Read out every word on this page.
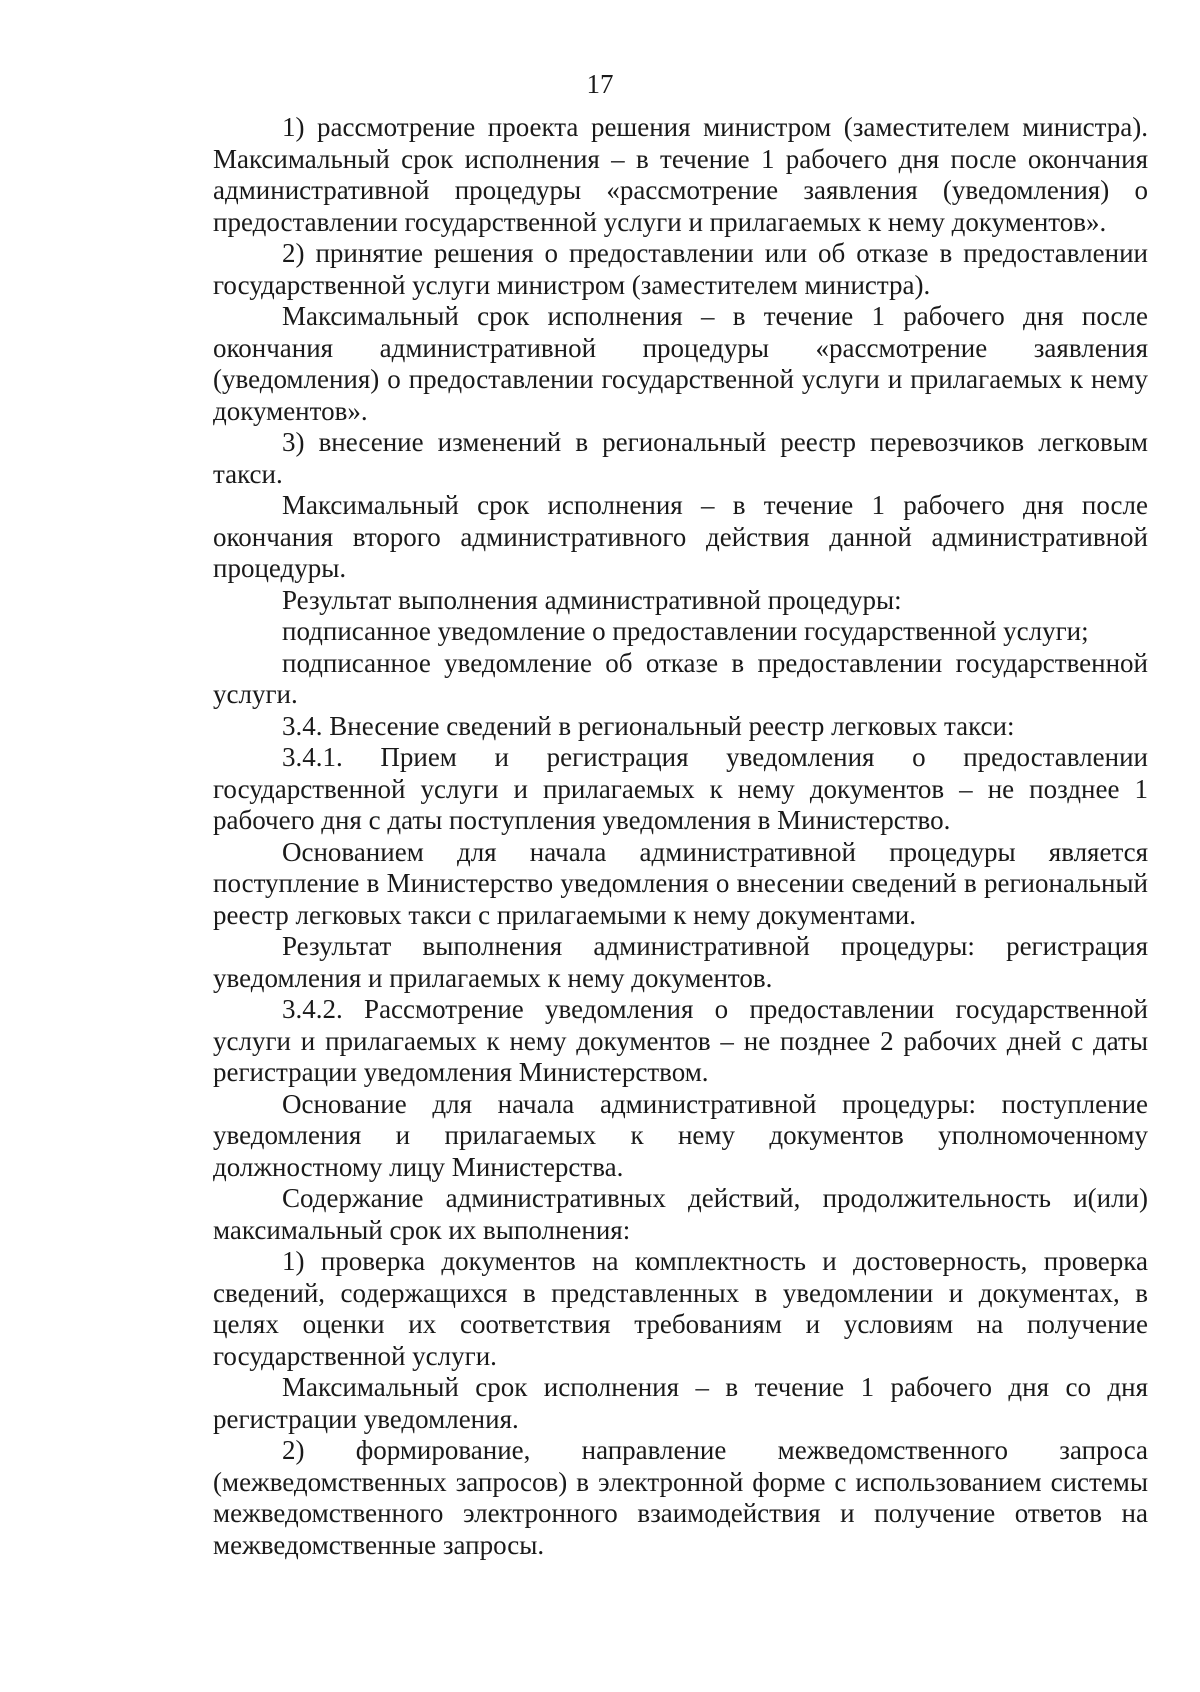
17

1) рассмотрение проекта решения министром (заместителем министра). Максимальный срок исполнения – в течение 1 рабочего дня после окончания административной процедуры «рассмотрение заявления (уведомления) о предоставлении государственной услуги и прилагаемых к нему документов».

2) принятие решения о предоставлении или об отказе в предоставлении государственной услуги министром (заместителем министра).

Максимальный срок исполнения – в течение 1 рабочего дня после окончания административной процедуры «рассмотрение заявления (уведомления) о предоставлении государственной услуги и прилагаемых к нему документов».

3) внесение изменений в региональный реестр перевозчиков легковым такси.

Максимальный срок исполнения – в течение 1 рабочего дня после окончания второго административного действия данной административной процедуры.

Результат выполнения административной процедуры:

подписанное уведомление о предоставлении государственной услуги;

подписанное уведомление об отказе в предоставлении государственной услуги.

3.4. Внесение сведений в региональный реестр легковых такси:

3.4.1. Прием и регистрация уведомления о предоставлении государственной услуги и прилагаемых к нему документов – не позднее 1 рабочего дня с даты поступления уведомления в Министерство.

Основанием для начала административной процедуры является поступление в Министерство уведомления о внесении сведений в региональный реестр легковых такси с прилагаемыми к нему документами.

Результат выполнения административной процедуры: регистрация уведомления и прилагаемых к нему документов.

3.4.2. Рассмотрение уведомления о предоставлении государственной услуги и прилагаемых к нему документов – не позднее 2 рабочих дней с даты регистрации уведомления Министерством.

Основание для начала административной процедуры: поступление уведомления и прилагаемых к нему документов уполномоченному должностному лицу Министерства.

Содержание административных действий, продолжительность и(или) максимальный срок их выполнения:

1) проверка документов на комплектность и достоверность, проверка сведений, содержащихся в представленных в уведомлении и документах, в целях оценки их соответствия требованиям и условиям на получение государственной услуги.

Максимальный срок исполнения – в течение 1 рабочего дня со дня регистрации уведомления.

2) формирование, направление межведомственного запроса (межведомственных запросов) в электронной форме с использованием системы межведомственного электронного взаимодействия и получение ответов на межведомственные запросы.
